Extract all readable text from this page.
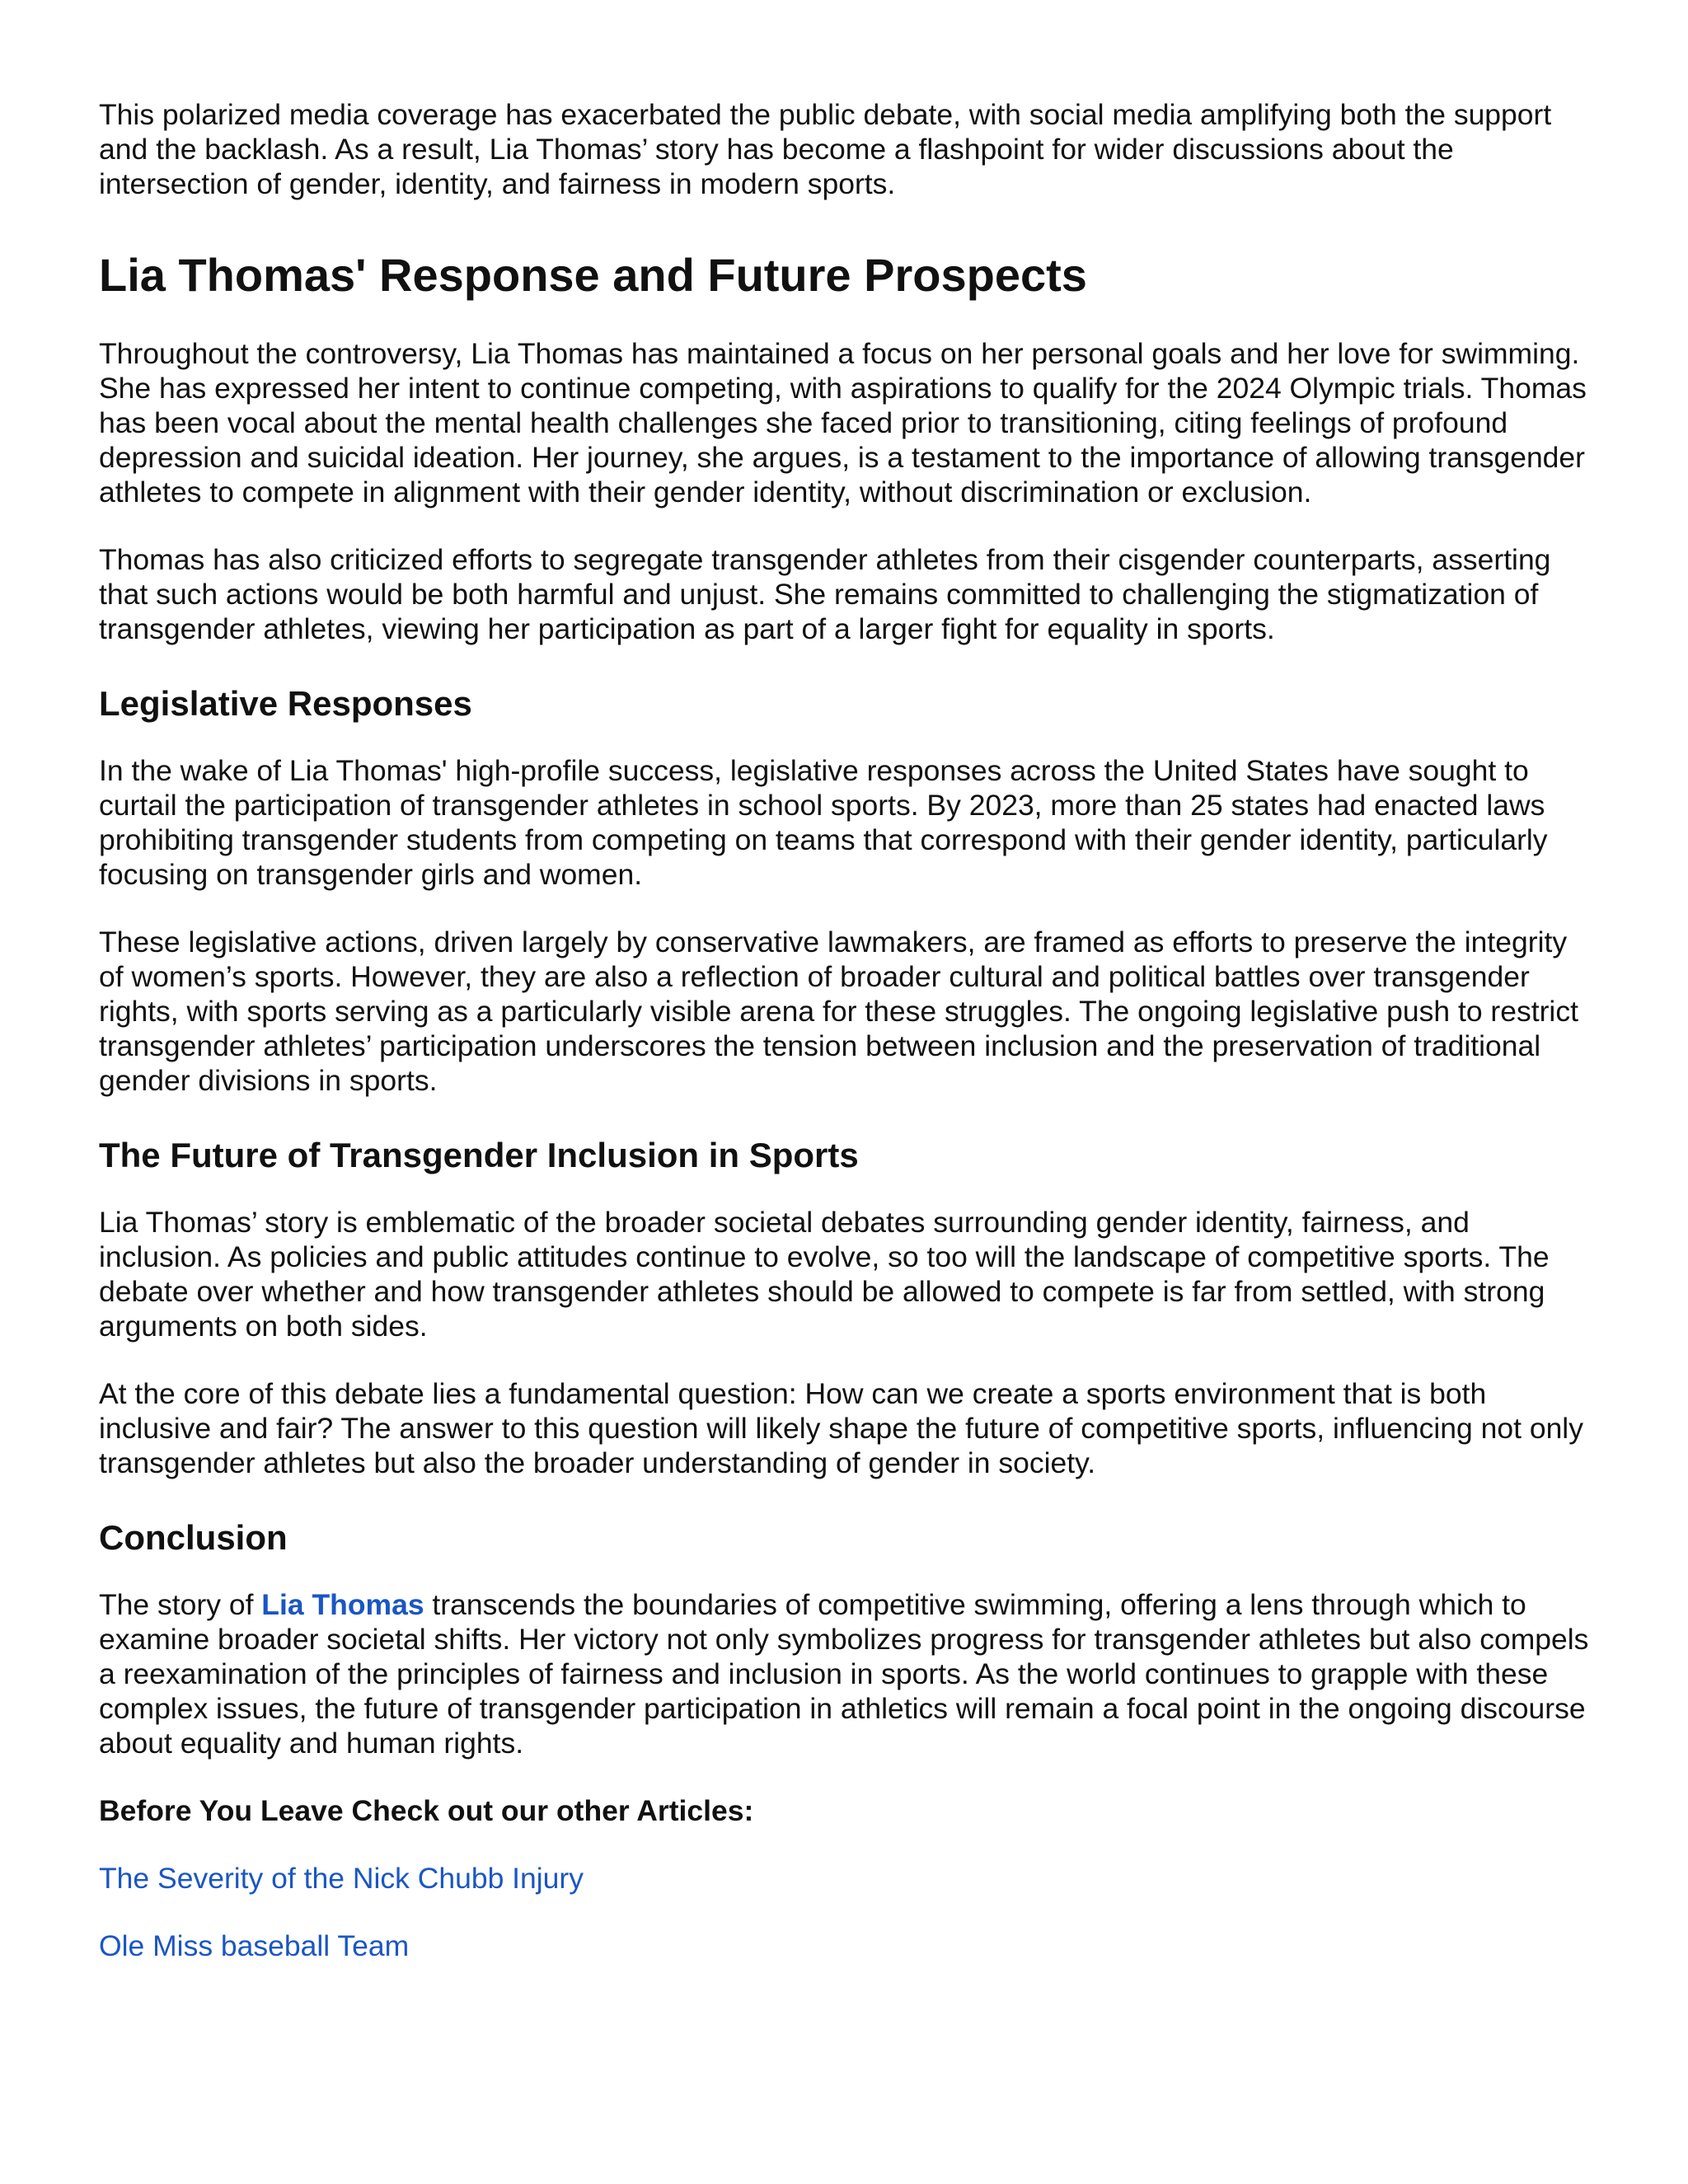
This polarized media coverage has exacerbated the public debate, with social media amplifying both the support and the backlash. As a result, Lia Thomas’ story has become a flashpoint for wider discussions about the intersection of gender, identity, and fairness in modern sports.

Lia Thomas' Response and Future Prospects

Throughout the controversy, Lia Thomas has maintained a focus on her personal goals and her love for swimming. She has expressed her intent to continue competing, with aspirations to qualify for the 2024 Olympic trials. Thomas has been vocal about the mental health challenges she faced prior to transitioning, citing feelings of profound depression and suicidal ideation. Her journey, she argues, is a testament to the importance of allowing transgender athletes to compete in alignment with their gender identity, without discrimination or exclusion.

Thomas has also criticized efforts to segregate transgender athletes from their cisgender counterparts, asserting that such actions would be both harmful and unjust. She remains committed to challenging the stigmatization of transgender athletes, viewing her participation as part of a larger fight for equality in sports.

Legislative Responses

In the wake of Lia Thomas' high-profile success, legislative responses across the United States have sought to curtail the participation of transgender athletes in school sports. By 2023, more than 25 states had enacted laws prohibiting transgender students from competing on teams that correspond with their gender identity, particularly focusing on transgender girls and women.

These legislative actions, driven largely by conservative lawmakers, are framed as efforts to preserve the integrity of women’s sports. However, they are also a reflection of broader cultural and political battles over transgender rights, with sports serving as a particularly visible arena for these struggles. The ongoing legislative push to restrict transgender athletes’ participation underscores the tension between inclusion and the preservation of traditional gender divisions in sports.

The Future of Transgender Inclusion in Sports

Lia Thomas’ story is emblematic of the broader societal debates surrounding gender identity, fairness, and inclusion. As policies and public attitudes continue to evolve, so too will the landscape of competitive sports. The debate over whether and how transgender athletes should be allowed to compete is far from settled, with strong arguments on both sides.

At the core of this debate lies a fundamental question: How can we create a sports environment that is both inclusive and fair? The answer to this question will likely shape the future of competitive sports, influencing not only transgender athletes but also the broader understanding of gender in society.

Conclusion

The story of Lia Thomas transcends the boundaries of competitive swimming, offering a lens through which to examine broader societal shifts. Her victory not only symbolizes progress for transgender athletes but also compels a reexamination of the principles of fairness and inclusion in sports. As the world continues to grapple with these complex issues, the future of transgender participation in athletics will remain a focal point in the ongoing discourse about equality and human rights.

Before You Leave Check out our other Articles:

The Severity of the Nick Chubb Injury
Ole Miss baseball Team
